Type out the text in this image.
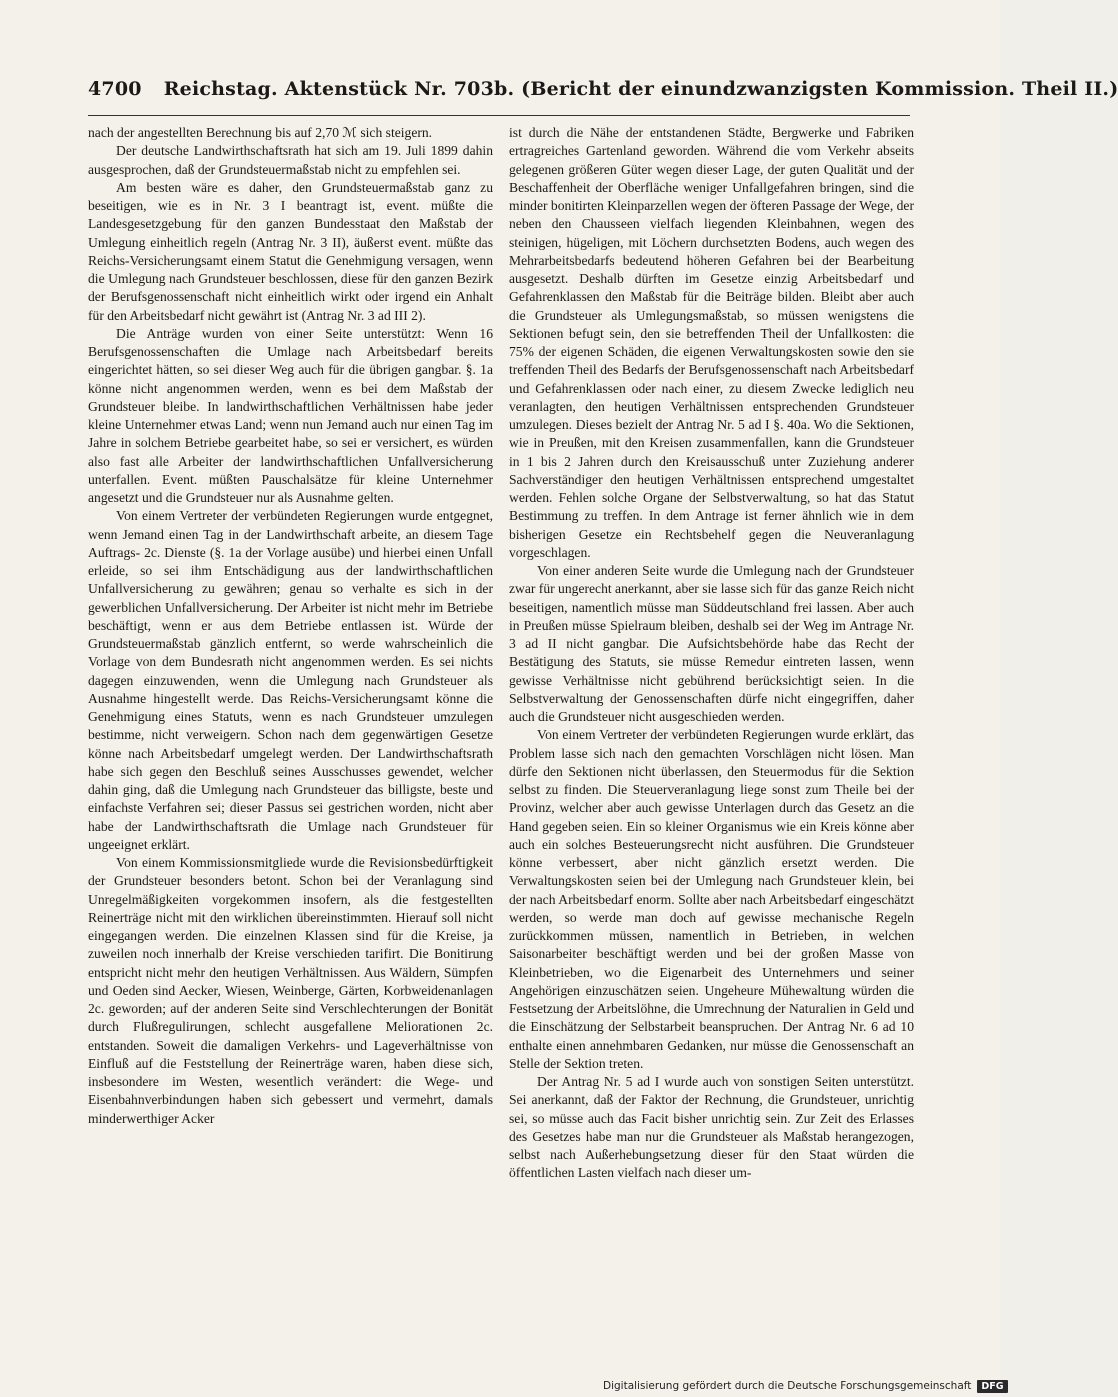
4700 Reichstag. Aktenstück Nr. 703b. (Bericht der einundzwanzigsten Kommission. Theil II.)

nach der angestellten Berechnung bis auf 2,70 ℳ sich steigern.

Der deutsche Landwirthschaftsrath hat sich am 19. Juli 1899 dahin ausgesprochen, daß der Grundsteuermaßstab nicht zu empfehlen sei.

Am besten wäre es daher, den Grundsteuermaßstab ganz zu beseitigen, wie es in Nr. 3 I beantragt ist, event. müßte die Landesgesetzgebung für den ganzen Bundesstaat den Maßstab der Umlegung einheitlich regeln (Antrag Nr. 3 II), äußerst event. müßte das Reichs-Versicherungsamt einem Statut die Genehmigung versagen, wenn die Umlegung nach Grundsteuer beschlossen, diese für den ganzen Bezirk der Berufsgenossenschaft nicht einheitlich wirkt oder irgend ein Anhalt für den Arbeitsbedarf nicht gewährt ist (Antrag Nr. 3 ad III 2).

Die Anträge wurden von einer Seite unterstützt: Wenn 16 Berufsgenossenschaften die Umlage nach Arbeitsbedarf bereits eingerichtet hätten, so sei dieser Weg auch für die übrigen gangbar. §. 1a könne nicht angenommen werden, wenn es bei dem Maßstab der Grundsteuer bleibe. In landwirthschaftlichen Verhältnissen habe jeder kleine Unternehmer etwas Land; wenn nun Jemand auch nur einen Tag im Jahre in solchem Betriebe gearbeitet habe, so sei er versichert, es würden also fast alle Arbeiter der landwirthschaftlichen Unfallversicherung unterfallen. Event. müßten Pauschalsätze für kleine Unternehmer angesetzt und die Grundsteuer nur als Ausnahme gelten.

Von einem Vertreter der verbündeten Regierungen wurde entgegnet, wenn Jemand einen Tag in der Landwirthschaft arbeite, an diesem Tage Auftrags- 2c. Dienste (§. 1a der Vorlage ausübe) und hierbei einen Unfall erleide, so sei ihm Entschädigung aus der landwirthschaftlichen Unfallversicherung zu gewähren; genau so verhalte es sich in der gewerblichen Unfallversicherung. Der Arbeiter ist nicht mehr im Betriebe beschäftigt, wenn er aus dem Betriebe entlassen ist. Würde der Grundsteuermaßstab gänzlich entfernt, so werde wahrscheinlich die Vorlage von dem Bundesrath nicht angenommen werden. Es sei nichts dagegen einzuwenden, wenn die Umlegung nach Grundsteuer als Ausnahme hingestellt werde. Das Reichs-Versicherungsamt könne die Genehmigung eines Statuts, wenn es nach Grundsteuer umzulegen bestimme, nicht verweigern. Schon nach dem gegenwärtigen Gesetze könne nach Arbeitsbedarf umgelegt werden. Der Landwirthschaftsrath habe sich gegen den Beschluß seines Ausschusses gewendet, welcher dahin ging, daß die Umlegung nach Grundsteuer das billigste, beste und einfachste Verfahren sei; dieser Passus sei gestrichen worden, nicht aber habe der Landwirthschaftsrath die Umlage nach Grundsteuer für ungeeignet erklärt.

Von einem Kommissionsmitgliede wurde die Revisionsbedürftigkeit der Grundsteuer besonders betont. Schon bei der Veranlagung sind Unregelmäßigkeiten vorgekommen insofern, als die festgestellten Reinerträge nicht mit den wirklichen übereinstimmten. Hierauf soll nicht eingegangen werden. Die einzelnen Klassen sind für die Kreise, ja zuweilen noch innerhalb der Kreise verschieden tarifirt. Die Bonitirung entspricht nicht mehr den heutigen Verhältnissen. Aus Wäldern, Sümpfen und Oeden sind Aecker, Wiesen, Weinberge, Gärten, Korbweidenanlagen 2c. geworden; auf der anderen Seite sind Verschlechterungen der Bonität durch Flußregulirungen, schlecht ausgefallene Meliorationen 2c. entstanden. Soweit die damaligen Verkehrs- und Lageverhältnisse von Einfluß auf die Feststellung der Reinerträge waren, haben diese sich, insbesondere im Westen, wesentlich verändert: die Wege- und Eisenbahnverbindungen haben sich gebessert und vermehrt, damals minderwerthiger Acker

ist durch die Nähe der entstandenen Städte, Bergwerke und Fabriken ertragreiches Gartenland geworden. Während die vom Verkehr abseits gelegenen größeren Güter wegen dieser Lage, der guten Qualität und der Beschaffenheit der Oberfläche weniger Unfallgefahren bringen, sind die minder bonitirten Kleinparzellen wegen der öfteren Passage der Wege, der neben den Chausseen vielfach liegenden Kleinbahnen, wegen des steinigen, hügeligen, mit Löchern durchsetzten Bodens, auch wegen des Mehrarbeitsbedarfs bedeutend höheren Gefahren bei der Bearbeitung ausgesetzt. Deshalb dürften im Gesetze einzig Arbeitsbedarf und Gefahrenklassen den Maßstab für die Beiträge bilden. Bleibt aber auch die Grundsteuer als Umlegungsmaßstab, so müssen wenigstens die Sektionen befugt sein, den sie betreffenden Theil der Unfallkosten: die 75% der eigenen Schäden, die eigenen Verwaltungskosten sowie den sie treffenden Theil des Bedarfs der Berufsgenossenschaft nach Arbeitsbedarf und Gefahrenklassen oder nach einer, zu diesem Zwecke lediglich neu veranlagten, den heutigen Verhältnissen entsprechenden Grundsteuer umzulegen. Dieses bezielt der Antrag Nr. 5 ad I §. 40a. Wo die Sektionen, wie in Preußen, mit den Kreisen zusammenfallen, kann die Grundsteuer in 1 bis 2 Jahren durch den Kreisausschuß unter Zuziehung anderer Sachverständiger den heutigen Verhältnissen entsprechend umgestaltet werden. Fehlen solche Organe der Selbstverwaltung, so hat das Statut Bestimmung zu treffen. In dem Antrage ist ferner ähnlich wie in dem bisherigen Gesetze ein Rechtsbehelf gegen die Neuveranlagung vorgeschlagen.

Von einer anderen Seite wurde die Umlegung nach der Grundsteuer zwar für ungerecht anerkannt, aber sie lasse sich für das ganze Reich nicht beseitigen, namentlich müsse man Süddeutschland frei lassen. Aber auch in Preußen müsse Spielraum bleiben, deshalb sei der Weg im Antrage Nr. 3 ad II nicht gangbar. Die Aufsichtsbehörde habe das Recht der Bestätigung des Statuts, sie müsse Remedur eintreten lassen, wenn gewisse Verhältnisse nicht gebührend berücksichtigt seien. In die Selbstverwaltung der Genossenschaften dürfe nicht eingegriffen, daher auch die Grundsteuer nicht ausgeschieden werden.

Von einem Vertreter der verbündeten Regierungen wurde erklärt, das Problem lasse sich nach den gemachten Vorschlägen nicht lösen. Man dürfe den Sektionen nicht überlassen, den Steuermodus für die Sektion selbst zu finden. Die Steuerveranlagung liege sonst zum Theile bei der Provinz, welcher aber auch gewisse Unterlagen durch das Gesetz an die Hand gegeben seien. Ein so kleiner Organismus wie ein Kreis könne aber auch ein solches Besteuerungsrecht nicht ausführen. Die Grundsteuer könne verbessert, aber nicht gänzlich ersetzt werden. Die Verwaltungskosten seien bei der Umlegung nach Grundsteuer klein, bei der nach Arbeitsbedarf enorm. Sollte aber nach Arbeitsbedarf eingeschätzt werden, so werde man doch auf gewisse mechanische Regeln zurückkommen müssen, namentlich in Betrieben, in welchen Saisonarbeiter beschäftigt werden und bei der großen Masse von Kleinbetrieben, wo die Eigenarbeit des Unternehmers und seiner Angehörigen einzuschätzen seien. Ungeheure Mühewaltung würden die Festsetzung der Arbeitslöhne, die Umrechnung der Naturalien in Geld und die Einschätzung der Selbstarbeit beanspruchen. Der Antrag Nr. 6 ad 10 enthalte einen annehmbaren Gedanken, nur müsse die Genossenschaft an Stelle der Sektion treten.

Der Antrag Nr. 5 ad I wurde auch von sonstigen Seiten unterstützt. Sei anerkannt, daß der Faktor der Rechnung, die Grundsteuer, unrichtig sei, so müsse auch das Facit bisher unrichtig sein. Zur Zeit des Erlasses des Gesetzes habe man nur die Grundsteuer als Maßstab herangezogen, selbst nach Außerhebungsetzung dieser für den Staat würden die öffentlichen Lasten vielfach nach dieser um-

Digitalisierung gefördert durch die Deutsche Forschungsgemeinschaft	DFG
